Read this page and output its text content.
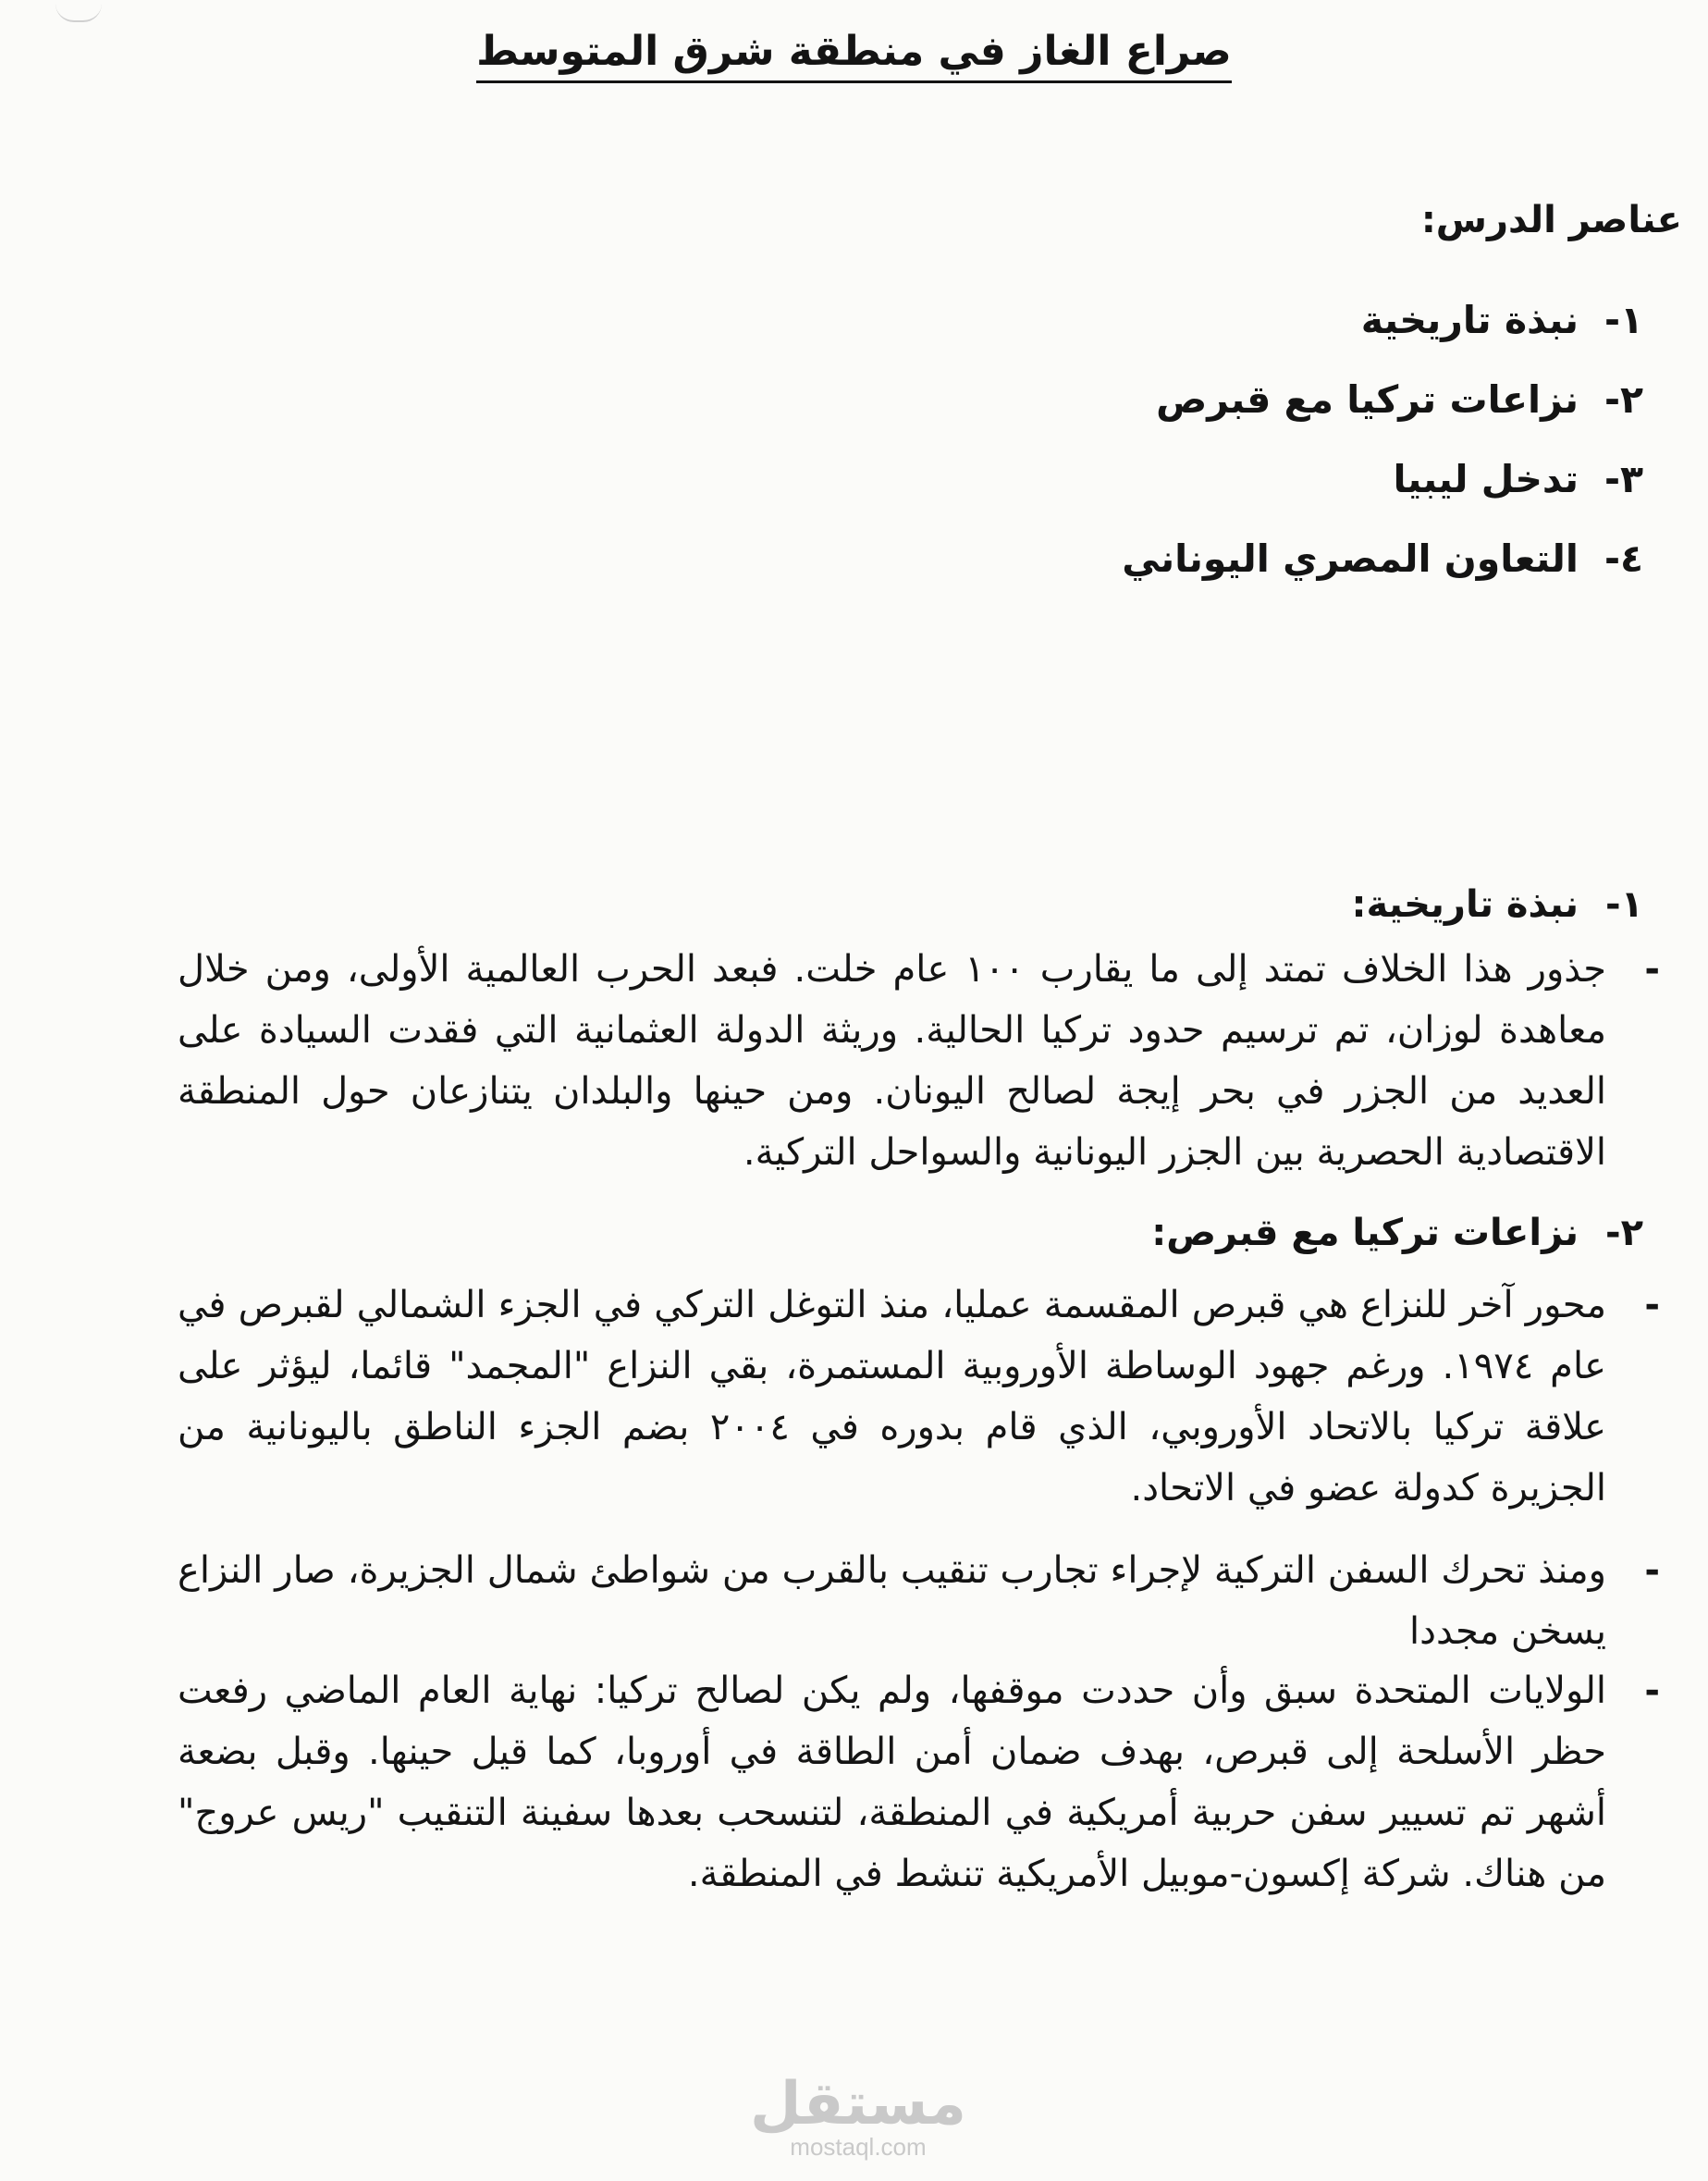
صراع الغاز في منطقة شرق المتوسط
عناصر الدرس:
١-
نبذة تاريخية
٢-
نزاعات تركيا مع قبرص
٣-
تدخل ليبيا
٤-
التعاون المصري اليوناني
١-
نبذة تاريخية:
-
جذور هذا الخلاف تمتد إلى ما يقارب ١٠٠ عام خلت. فبعد الحرب العالمية الأولى، ومن خلال معاهدة لوزان، تم ترسيم حدود تركيا الحالية. وريثة الدولة العثمانية التي فقدت السيادة على العديد من الجزر في بحر إيجة لصالح اليونان. ومن حينها والبلدان يتنازعان حول المنطقة الاقتصادية الحصرية بين الجزر اليونانية والسواحل التركية.
٢-
نزاعات تركيا مع قبرص:
-
محور آخر للنزاع هي قبرص المقسمة عمليا، منذ التوغل التركي في الجزء الشمالي لقبرص في عام ١٩٧٤. ورغم جهود الوساطة الأوروبية المستمرة، بقي النزاع "المجمد" قائما، ليؤثر على علاقة تركيا بالاتحاد الأوروبي، الذي قام بدوره في ٢٠٠٤ بضم الجزء الناطق باليونانية من الجزيرة كدولة عضو في الاتحاد.
-
ومنذ تحرك السفن التركية لإجراء تجارب تنقيب بالقرب من شواطئ شمال الجزيرة، صار النزاع يسخن مجددا
-
الولايات المتحدة سبق وأن حددت موقفها، ولم يكن لصالح تركيا: نهاية العام الماضي رفعت حظر الأسلحة إلى قبرص، بهدف ضمان أمن الطاقة في أوروبا، كما قيل حينها. وقبل بضعة أشهر تم تسيير سفن حربية أمريكية في المنطقة، لتنسحب بعدها سفينة التنقيب "ريس عروج" من هناك. شركة إكسون-موبيل الأمريكية تنشط في المنطقة.
مستقل
mostaql.com
